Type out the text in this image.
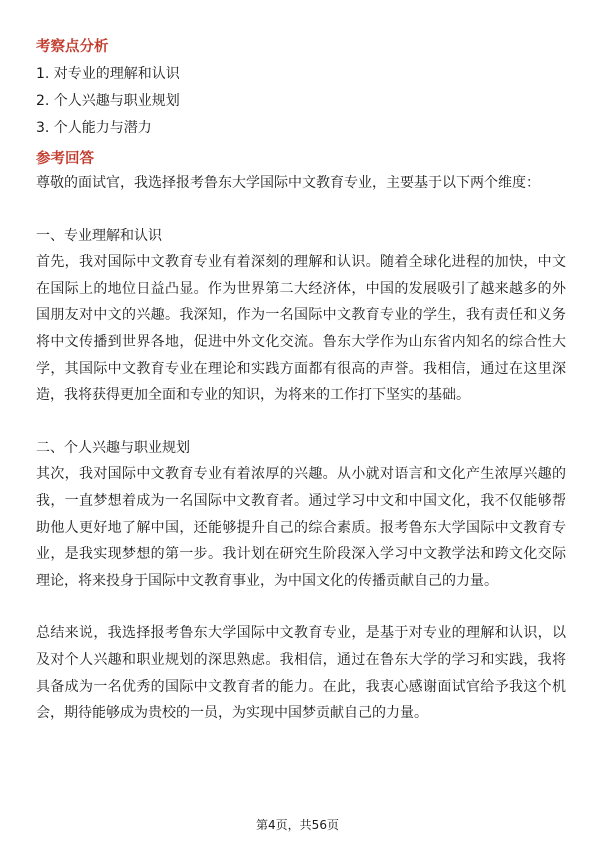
考察点分析

1. 对专业的理解和认识

2. 个人兴趣与职业规划

3. 个人能力与潜力

参考回答

尊敬的面试官，我选择报考鲁东大学国际中文教育专业，主要基于以下两个维度：

一、专业理解和认识

首先，我对国际中文教育专业有着深刻的理解和认识。随着全球化进程的加快，中文在国际上的地位日益凸显。作为世界第二大经济体，中国的发展吸引了越来越多的外国朋友对中文的兴趣。我深知，作为一名国际中文教育专业的学生，我有责任和义务将中文传播到世界各地，促进中外文化交流。鲁东大学作为山东省内知名的综合性大学，其国际中文教育专业在理论和实践方面都有很高的声誉。我相信，通过在这里深造，我将获得更加全面和专业的知识，为将来的工作打下坚实的基础。

二、个人兴趣与职业规划

其次，我对国际中文教育专业有着浓厚的兴趣。从小就对语言和文化产生浓厚兴趣的我，一直梦想着成为一名国际中文教育者。通过学习中文和中国文化，我不仅能够帮助他人更好地了解中国，还能够提升自己的综合素质。报考鲁东大学国际中文教育专业，是我实现梦想的第一步。我计划在研究生阶段深入学习中文教学法和跨文化交际理论，将来投身于国际中文教育事业，为中国文化的传播贡献自己的力量。

总结来说，我选择报考鲁东大学国际中文教育专业，是基于对专业的理解和认识，以及对个人兴趣和职业规划的深思熟虑。我相信，通过在鲁东大学的学习和实践，我将具备成为一名优秀的国际中文教育者的能力。在此，我衷心感谢面试官给予我这个机会，期待能够成为贵校的一员，为实现中国梦贡献自己的力量。

第4页，共56页
